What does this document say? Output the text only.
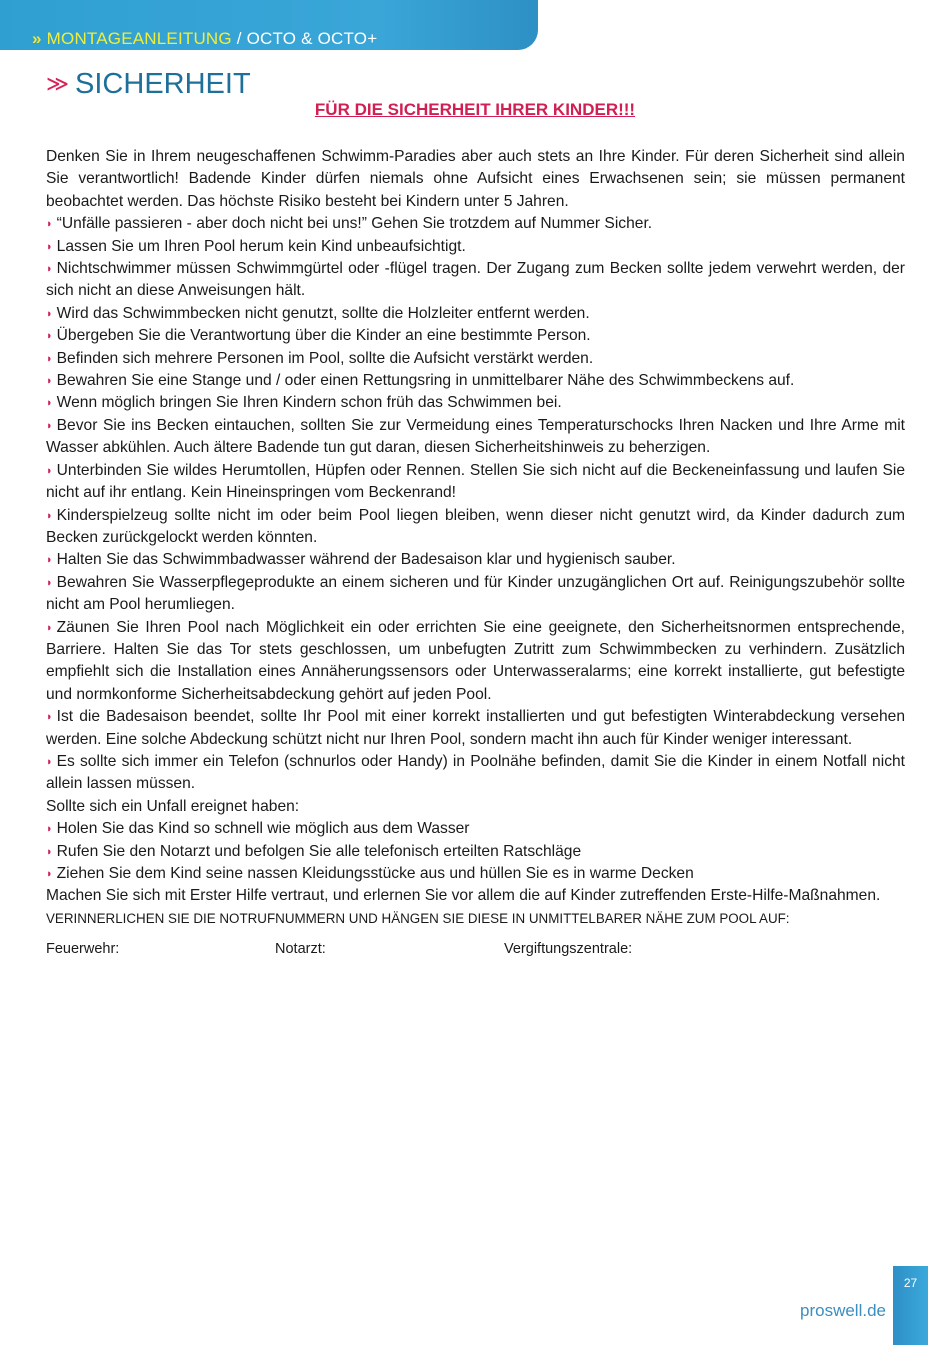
» MONTAGEANLEITUNG / OCTO & OCTO+
≫ SICHERHEIT
FÜR DIE SICHERHEIT IHRER KINDER!!!

Denken Sie in Ihrem neugeschaffenen Schwimm-Paradies aber auch stets an Ihre Kinder. Für deren Sicherheit sind allein Sie verantwortlich! Badende Kinder dürfen niemals ohne Aufsicht eines Erwachsenen sein; sie müssen permanent beobachtet werden. Das höchste Risiko besteht bei Kindern unter 5 Jahren.

◗ “Unfälle passieren - aber doch nicht bei uns!” Gehen Sie trotzdem auf Nummer Sicher.

◗ Lassen Sie um Ihren Pool herum kein Kind unbeaufsichtigt.

◗ Nichtschwimmer müssen Schwimmgürtel oder -flügel tragen. Der Zugang zum Becken sollte jedem verwehrt werden, der sich nicht an diese Anweisungen hält.

◗ Wird das Schwimmbecken nicht genutzt, sollte die Holzleiter entfernt werden.

◗ Übergeben Sie die Verantwortung über die Kinder an eine bestimmte Person.

◗ Befinden sich mehrere Personen im Pool, sollte die Aufsicht verstärkt werden.

◗ Bewahren Sie eine Stange und / oder einen Rettungsring in unmittelbarer Nähe des Schwimmbeckens auf.

◗ Wenn möglich bringen Sie Ihren Kindern schon früh das Schwimmen bei.

◗ Bevor Sie ins Becken eintauchen, sollten Sie zur Vermeidung eines Temperaturschocks Ihren Nacken und Ihre Arme mit Wasser abkühlen. Auch ältere Badende tun gut daran, diesen Sicherheitshinweis zu beherzigen.

◗ Unterbinden Sie wildes Herumtollen, Hüpfen oder Rennen. Stellen Sie sich nicht auf die Beckeneinfassung und laufen Sie nicht auf ihr entlang. Kein Hineinspringen vom Beckenrand!

◗ Kinderspielzeug sollte nicht im oder beim Pool liegen bleiben, wenn dieser nicht genutzt wird, da Kinder dadurch zum Becken zurückgelockt werden könnten.

◗ Halten Sie das Schwimmbadwasser während der Badesaison klar und hygienisch sauber.

◗ Bewahren Sie Wasserpflegeprodukte an einem sicheren und für Kinder unzugänglichen Ort auf. Reinigungszubehör sollte nicht am Pool herumliegen.

◗ Zäunen Sie Ihren Pool nach Möglichkeit ein oder errichten Sie eine geeignete, den Sicherheitsnormen entsprechende, Barriere. Halten Sie das Tor stets geschlossen, um unbefugten Zutritt zum Schwimmbecken zu verhindern. Zusätzlich empfiehlt sich die Installation eines Annäherungssensors oder Unterwasseralarms; eine korrekt installierte, gut befestigte und normkonforme Sicherheitsabdeckung gehört auf jeden Pool.

◗ Ist die Badesaison beendet, sollte Ihr Pool mit einer korrekt installierten und gut befestigten Winterabdeckung versehen werden. Eine solche Abdeckung schützt nicht nur Ihren Pool, sondern macht ihn auch für Kinder weniger interessant.

◗ Es sollte sich immer ein Telefon (schnurlos oder Handy) in Poolnähe befinden, damit Sie die Kinder in einem Notfall nicht allein lassen müssen.

Sollte sich ein Unfall ereignet haben:

◗ Holen Sie das Kind so schnell wie möglich aus dem Wasser

◗ Rufen Sie den Notarzt und befolgen Sie alle telefonisch erteilten Ratschläge

◗ Ziehen Sie dem Kind seine nassen Kleidungsstücke aus und hüllen Sie es in warme Decken

Machen Sie sich mit Erster Hilfe vertraut, und erlernen Sie vor allem die auf Kinder zutreffenden Erste-Hilfe-Maßnahmen.

VERINNERLICHEN SIE DIE NOTRUFNUMMERN UND HÄNGEN SIE DIESE IN UNMITTELBARER NÄHE ZUM POOL AUF:

Feuerwehr:	Notarzt:	Vergiftungszentrale:
27
proswell.de
